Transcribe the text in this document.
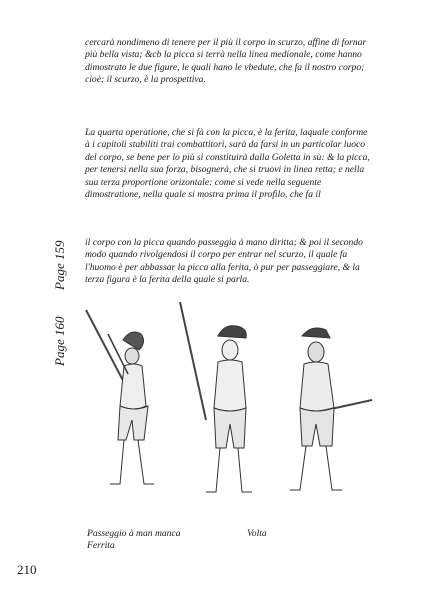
cercarà nondimeno di tenere per il più il corpo in scurzo, affine di fornar più bella vista; &cb la picca si terrà nella linea medionale, come hanno dimostrato le due figure, le quali hano le vbedute, che fa il nostro corpo; cioè; il scurzo, è la prospettiva.

La quarta operatione, che si fà con la picca, è la ferita, laquale conforme à i capitoli stabiliti trai combattitori, sarà da farsi in un particolar luoco del corpo, se bene per lo più si constituirà dalla Goletta in sù: & la picca, per tenersi nella sua forza, bisognerà, che si truovi in linea retta; e nella sua terza proportione orizontale: come si vede nella seguente dimostratione, nella quale si mostra prima il profilo, che fa il

il corpo con la picca quando passeggia à mano diritta; & poi il secondo modo quando rivolgendosi il corpo per entrar nel scurzo, il quale fa l'huomo è per abbassar la picca alla ferita, ò pur per passeggiare, & la terza figura è la ferita della quale si parla.

Page 159
Page 160
Passeggio à man manca
Ferrita
Volta
210
